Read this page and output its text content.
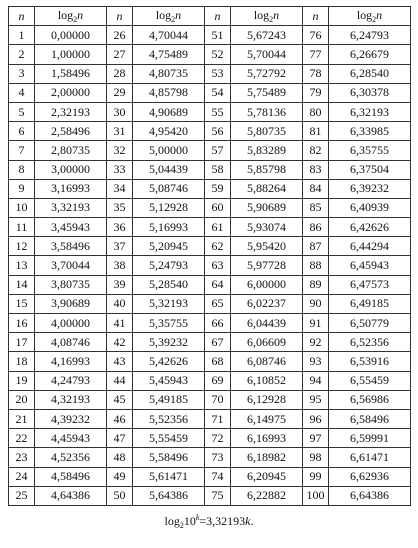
n	$\log_2n$	n	$\log_2n$	n	$\log_2n$	n	$\log_2n$
1	0,00000	26	4,70044	51	5,67243	76	6,24793
2	1,00000	27	4,75489	52	5,70044	77	6,26679
3	1,58496	28	4,80735	53	5,72792	78	6,28540
4	2,00000	29	4,85798	54	5,75489	79	6,30378
5	2,32193	30	4,90689	55	5,78136	80	6,32193
6	2,58496	31	4,95420	56	5,80735	81	6,33985
7	2,80735	32	5,00000	57	5,83289	82	6,35755
8	3,00000	33	5,04439	58	5,85798	83	6,37504
9	3,16993	34	5,08746	59	5,88264	84	6,39232
10	3,32193	35	5,12928	60	5,90689	85	6,40939
11	3,45943	36	5,16993	61	5,93074	86	6,42626
12	3,58496	37	5,20945	62	5,95420	87	6,44294
13	3,70044	38	5,24793	63	5,97728	88	6,45943
14	3,80735	39	5,28540	64	6,00000	89	6,47573
15	3,90689	40	5,32193	65	6,02237	90	6,49185
16	4,00000	41	5,35755	66	6,04439	91	6,50779
17	4,08746	42	5,39232	67	6,06609	92	6,52356
18	4,16993	43	5,42626	68	6,08746	93	6,53916
19	4,24793	44	5,45943	69	6,10852	94	6,55459
20	4,32193	45	5,49185	70	6,12928	95	6,56986
21	4,39232	46	5,52356	71	6,14975	96	6,58496
22	4,45943	47	5,55459	72	6,16993	97	6,59991
23	4,52356	48	5,58496	73	6,18982	98	6,61471
24	4,58496	49	5,61471	74	6,20945	99	6,62936
25	4,64386	50	5,64386	75	6,22882	100	6,64386
$\log_210^k=3,32193k$.
